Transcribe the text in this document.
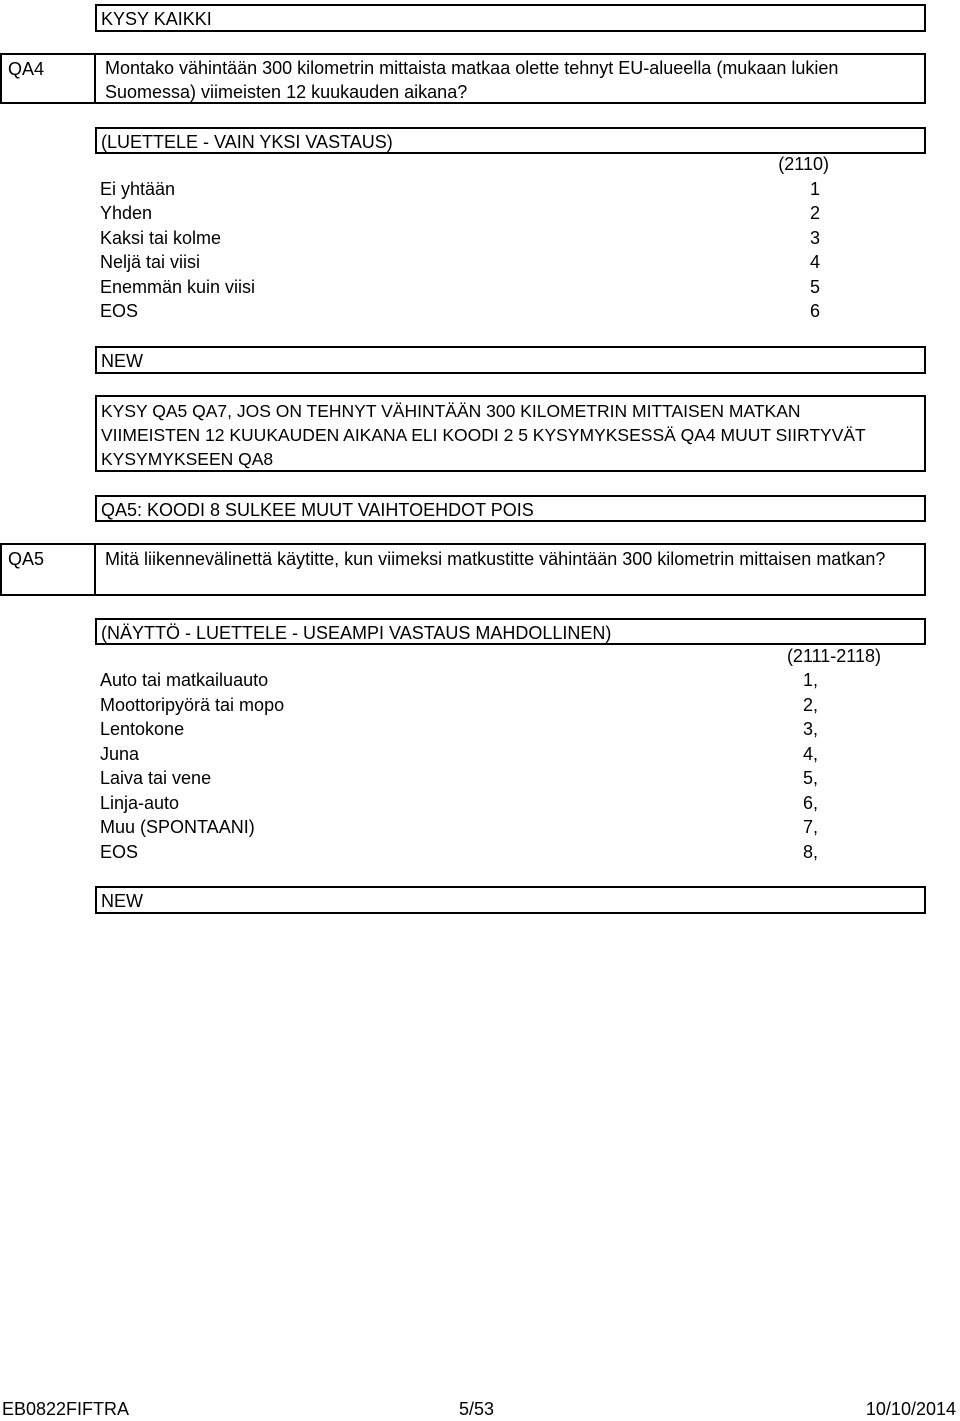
KYSY KAIKKI
QA4	Montako vähintään 300 kilometrin mittaista matkaa olette tehnyt EU-alueella (mukaan lukien Suomessa) viimeisten 12 kuukauden aikana?
(LUETTELE - VAIN YKSI VASTAUS)
(2110)
Ei yhtään	1
Yhden	2
Kaksi tai kolme	3
Neljä tai viisi	4
Enemmän kuin viisi	5
EOS	6
NEW
KYSY QA5 QA7, JOS ON TEHNYT VÄHINTÄÄN 300 KILOMETRIN MITTAISEN MATKAN VIIMEISTEN 12 KUUKAUDEN AIKANA ELI KOODI 2 5 KYSYMYKSESSÄ QA4 MUUT SIIRTYVÄT KYSYMYKSEEN QA8
QA5: KOODI 8 SULKEE MUUT VAIHTOEHDOT POIS
QA5	Mitä liikennevälinettä käytitte, kun viimeksi matkustitte vähintään 300 kilometrin mittaisen matkan?
(NÄYTTÖ - LUETTELE - USEAMPI VASTAUS MAHDOLLINEN)
(2111-2118)
Auto tai matkailuauto	1,
Moottoripyörä tai mopo	2,
Lentokone	3,
Juna	4,
Laiva tai vene	5,
Linja-auto	6,
Muu (SPONTAANI)	7,
EOS	8,
NEW
EB0822FIFTRA	5/53	10/10/2014
